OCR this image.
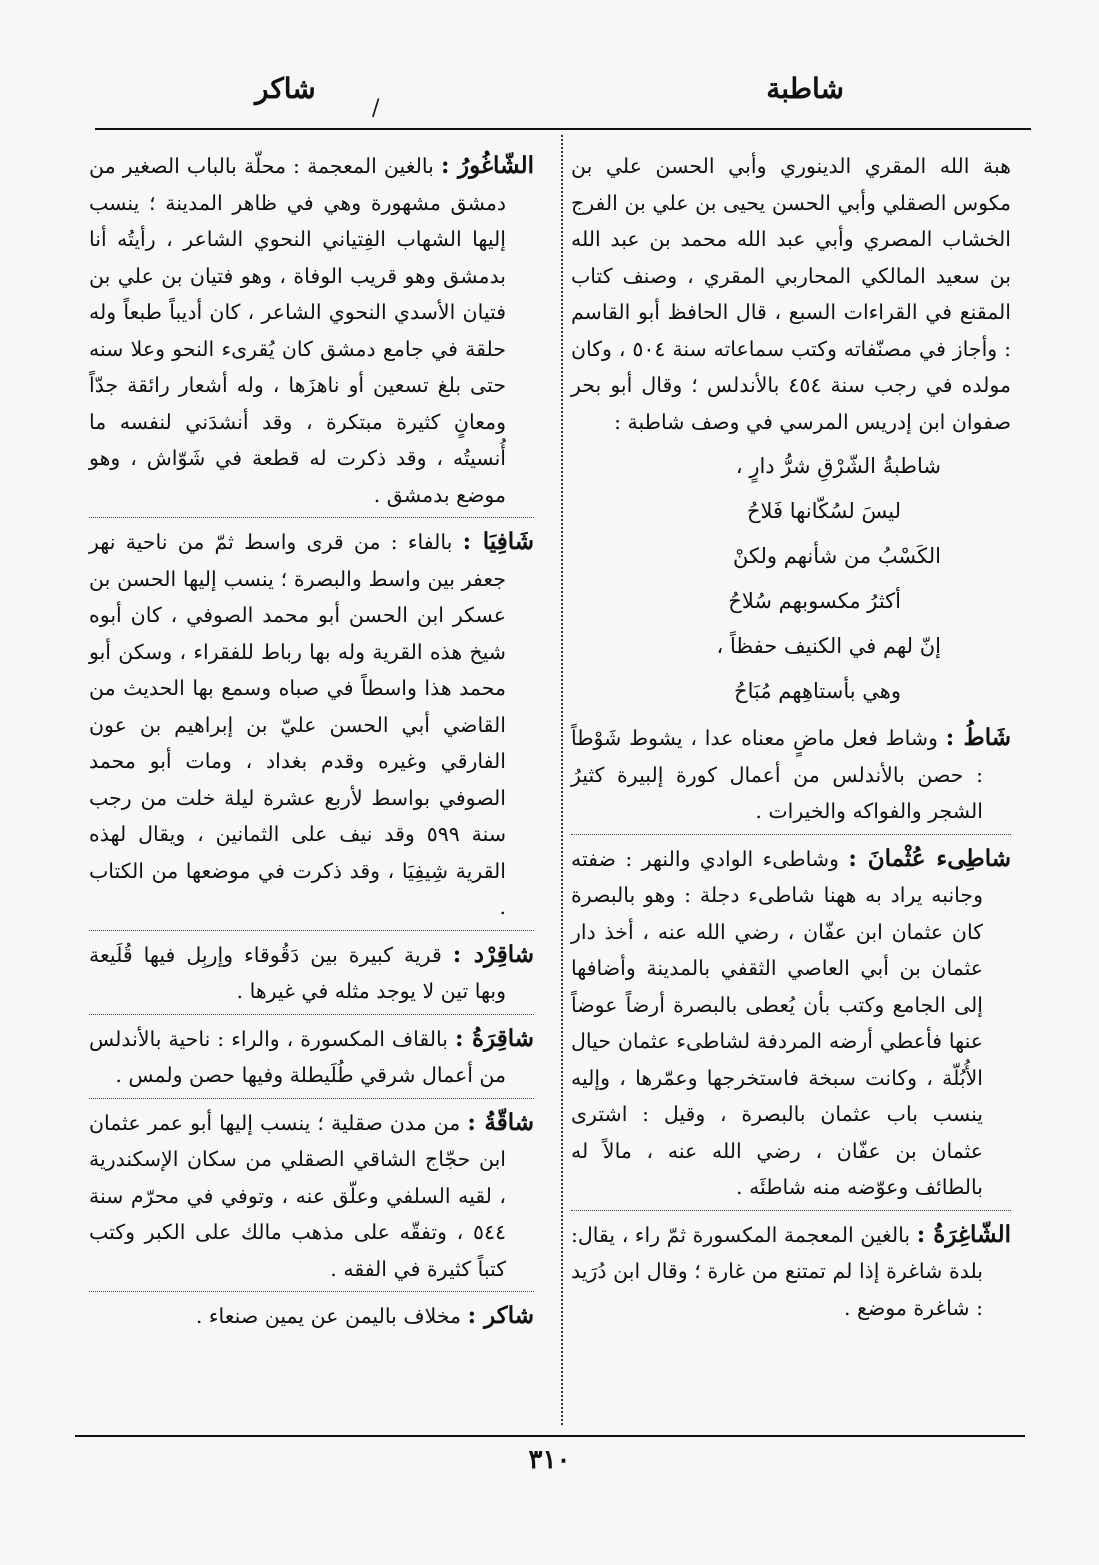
شاطبة
شاكر
/

هبة الله المقري الدينوري وأبي الحسن علي بن مكوس الصقلي وأبي الحسن يحيى بن علي بن الفرج الخشاب المصري وأبي عبد الله محمد بن عبد الله بن سعيد المالكي المحاربي المقري ، وصنف كتاب المقنع في القراءات السبع ، قال الحافظ أبو القاسم : وأجاز في مصنّفاته وكتب سماعاته سنة ٥٠٤ ، وكان مولده في رجب سنة ٤٥٤ بالأندلس ؛ وقال أبو بحر صفوان ابن إدريس المرسي في وصف شاطبة :

شاطبةُ الشّرْقِ شرُّ دارٍ ،
ليسَ لسُكّانها فَلاحُ
الكَسْبُ من شأنهم ولكنْ
أكثرُ مكسوبهم سُلاحُ
إنّ لهم في الكنيف حفظاً ،
وهي بأستاهِهم مُبَاحُ

شَاطُ : وشاط فعل ماضٍ معناه عدا ، يشوط شَوْطاً : حصن بالأندلس من أعمال كورة إلبيرة كثيرُ الشجر والفواكه والخيرات .

شاطِىء عُثْمانَ : وشاطىء الوادي والنهر : ضفته وجانبه يراد به ههنا شاطىء دجلة : وهو بالبصرة كان عثمان ابن عفّان ، رضي الله عنه ، أخذ دار عثمان بن أبي العاصي الثقفي بالمدينة وأضافها إلى الجامع وكتب بأن يُعطى بالبصرة أرضاً عوضاً عنها فأعطي أرضه المردفة لشاطىء عثمان حيال الأُبُلّة ، وكانت سبخة فاستخرجها وعمّرها ، وإليه ينسب باب عثمان بالبصرة ، وقيل : اشترى عثمان بن عفّان ، رضي الله عنه ، مالاً له بالطائف وعوّضه منه شاطئَه .

الشّاغِرَةُ : بالغين المعجمة المكسورة ثمّ راء ، يقال: بلدة شاغرة إذا لم تمتنع من غارة ؛ وقال ابن دُرَيد : شاغرة موضع .

الشّاغُورُ : بالغين المعجمة : محلّة بالباب الصغير من دمشق مشهورة وهي في ظاهر المدينة ؛ ينسب إليها الشهاب الفِتياني النحوي الشاعر ، رأيتُه أنا بدمشق وهو قريب الوفاة ، وهو فتيان بن علي بن فتيان الأسدي النحوي الشاعر ، كان أديباً طبعاً وله حلقة في جامع دمشق كان يُقرىء النحو وعلا سنه حتى بلغ تسعين أو ناهزَها ، وله أشعار رائقة جدّاً ومعانٍ كثيرة مبتكرة ، وقد أنشدَني لنفسه ما أُنسيتُه ، وقد ذكرت له قطعة في شَوّاش ، وهو موضع بدمشق .

شَافِيَا : بالفاء : من قرى واسط ثمّ من ناحية نهر جعفر بين واسط والبصرة ؛ ينسب إليها الحسن بن عسكر ابن الحسن أبو محمد الصوفي ، كان أبوه شيخ هذه القرية وله بها رباط للفقراء ، وسكن أبو محمد هذا واسطاً في صباه وسمع بها الحديث من القاضي أبي الحسن عليّ بن إبراهيم بن عون الفارقي وغيره وقدم بغداد ، ومات أبو محمد الصوفي بواسط لأربع عشرة ليلة خلت من رجب سنة ٥٩٩ وقد نيف على الثمانين ، ويقال لهذه القرية شِيفِيَا ، وقد ذكرت في موضعها من الكتاب .

شاقِرْد : قرية كبيرة بين دَقُوقاء وإربِل فيها قُلَيعة وبها تين لا يوجد مثله في غيرها .

شاقِرَةُ : بالقاف المكسورة ، والراء : ناحية بالأندلس من أعمال شرقي طُلَيطلة وفيها حصن ولمس .

شاقّةُ : من مدن صقلية ؛ ينسب إليها أبو عمر عثمان ابن حجّاج الشاقي الصقلي من سكان الإسكندرية ، لقيه السلفي وعلّق عنه ، وتوفي في محرّم سنة ٥٤٤ ، وتفقّه على مذهب مالك على الكبر وكتب كتباً كثيرة في الفقه .

شاكر : مخلاف باليمن عن يمين صنعاء .

٣١٠
